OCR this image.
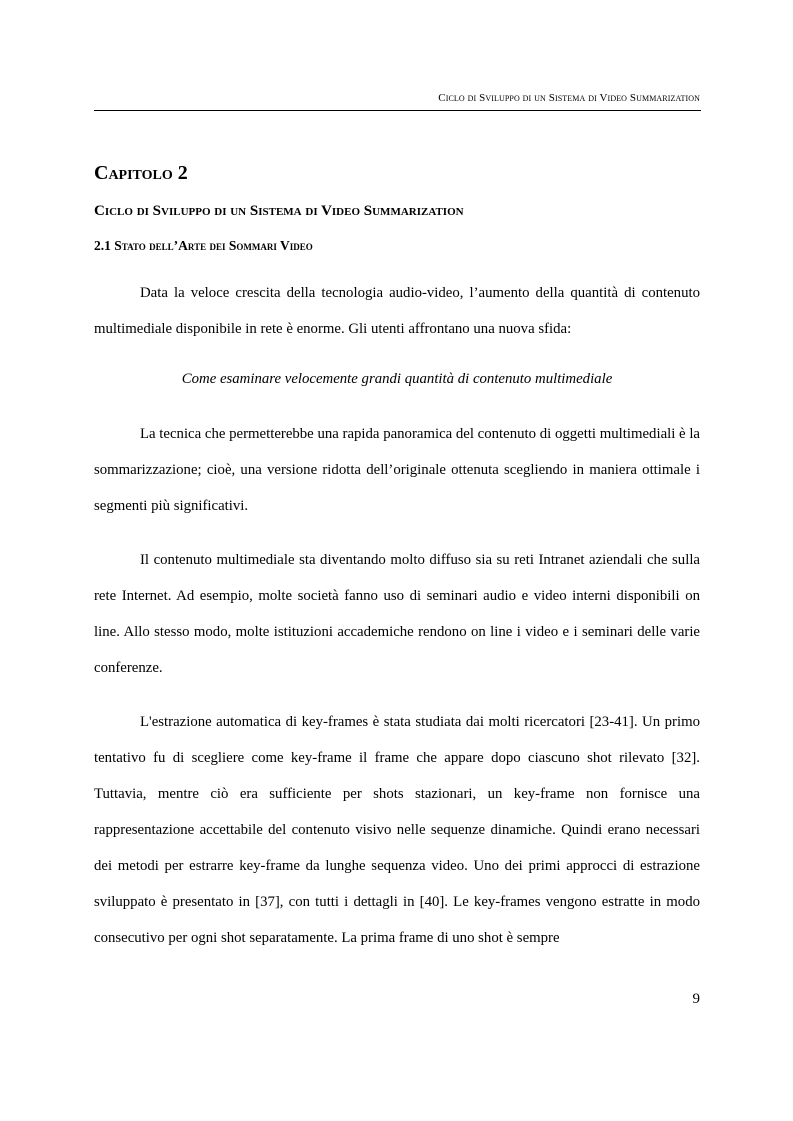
Ciclo di Sviluppo di un Sistema di Video Summarization
Capitolo 2
Ciclo di Sviluppo di un Sistema di Video Summarization
2.1 Stato dell’Arte dei Sommari Video

Data la veloce crescita della tecnologia audio-video, l’aumento della quantità di contenuto multimediale disponibile in rete è enorme. Gli utenti affrontano una nuova sfida:

Come esaminare velocemente grandi quantità di contenuto multimediale

La tecnica che permetterebbe una rapida panoramica del contenuto di oggetti multimediali è la sommarizzazione; cioè, una versione ridotta dell’originale ottenuta scegliendo in maniera ottimale i segmenti più significativi.

Il contenuto multimediale sta diventando molto diffuso sia su reti Intranet aziendali che sulla rete Internet. Ad esempio, molte società fanno uso di seminari audio e video interni disponibili on line. Allo stesso modo, molte istituzioni accademiche rendono on line i video e i seminari delle varie conferenze.

L'estrazione automatica di key-frames è stata studiata dai molti ricercatori [23-41]. Un primo tentativo fu di scegliere come key-frame il frame che appare dopo ciascuno shot rilevato [32]. Tuttavia, mentre ciò era sufficiente per shots stazionari, un key-frame non fornisce una rappresentazione accettabile del contenuto visivo nelle sequenze dinamiche. Quindi erano necessari dei metodi per estrarre key-frame da lunghe sequenza video. Uno dei primi approcci di estrazione sviluppato è presentato in [37], con tutti i dettagli in [40]. Le key-frames vengono estratte in modo consecutivo per ogni shot separatamente. La prima frame di uno shot è sempre

9
